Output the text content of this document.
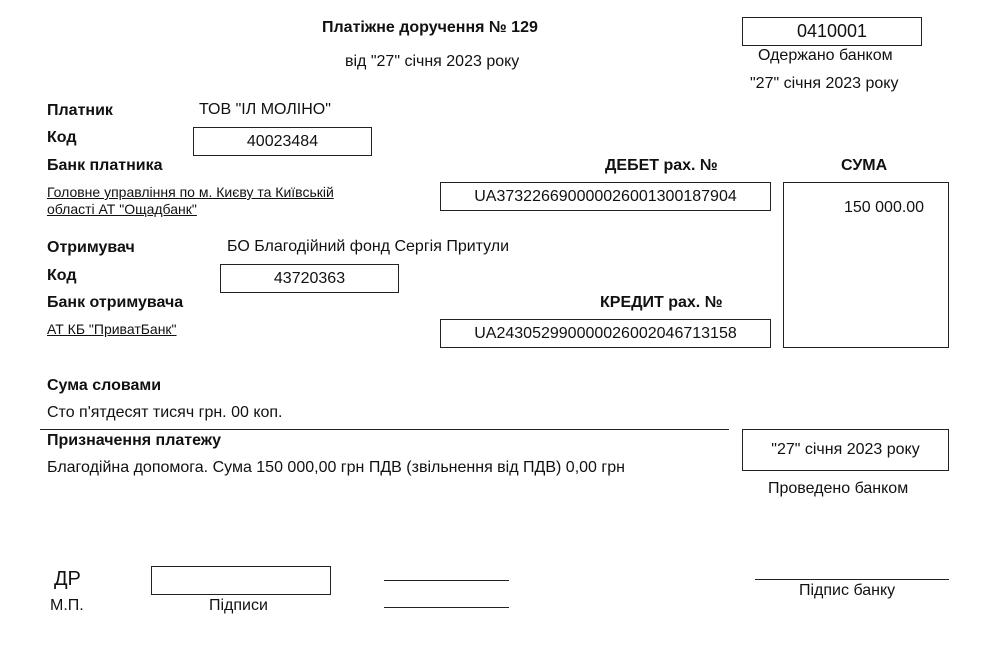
Платіжне доручення № 129
від "27" січня 2023 року
0410001
Одержано банком
"27" січня 2023 року
Платник	ТОВ "ІЛ МОЛІНО"
Код	40023484
Банк платника
Головне управління по м. Києву та Київській
області АТ "Ощадбанк"
ДЕБЕТ рах. №
UA373226690000026001300187904
СУМА
150 000.00
Отримувач	БО Благодійний фонд Сергія Притули
Код	43720363
Банк отримувача
АТ КБ "ПриватБанк"
КРЕДИТ рах. №
UA243052990000026002046713158
Сума словами
Сто п'ятдесят тисяч грн. 00 коп.
Призначення платежу
Благодійна допомога. Сума 150 000,00 грн ПДВ (звільнення від ПДВ) 0,00 грн
"27" січня 2023 року
Проведено банком
ДР
М.П.	Підписи
Підпис банку
